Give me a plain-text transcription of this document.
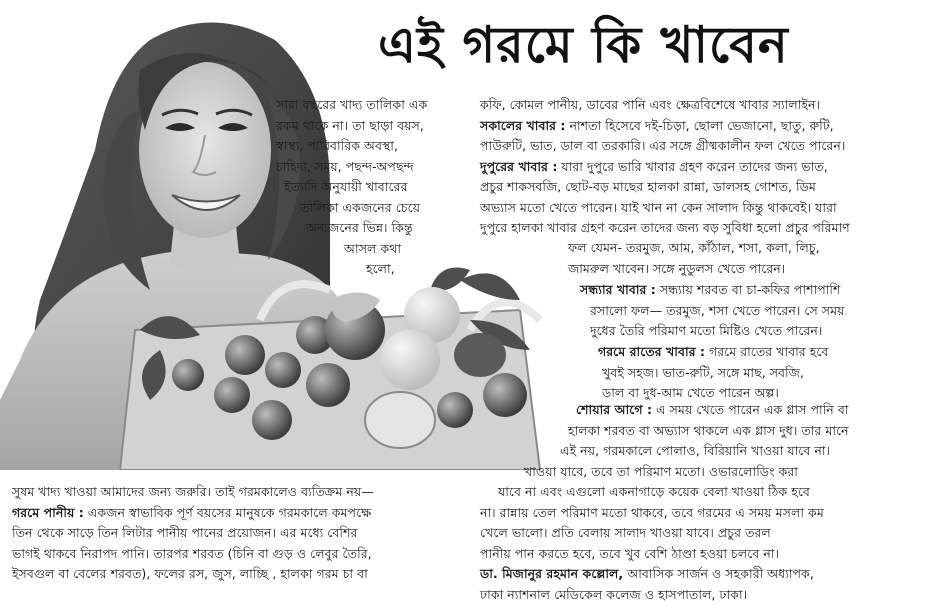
এই গরমে কি খাবেন
সারা বছরের খাদ্য তালিকা এক
রকম থাকে না। তা ছাড়া বয়স,
স্বাস্থ্য, পারিবারিক অবস্থা,
চাহিদা, সময়, পছন্দ-অপছন্দ
ইত্যাদি অনুযায়ী খাবারের
তালিকা একজনের চেয়ে
অন্যজনের ভিন্ন। কিন্তু
আসল কথা
হলো,
কফি, কোমল পানীয়, ডাবের পানি এবং ক্ষেত্রবিশেষে খাবার স্যালাইন।
সকালের খাবার : নাশতা হিসেবে দই-চিড়া, ছোলা ভেজানো, ছাতু, রুটি,
পাউরুটি, ভাত, ডাল বা তরকারি। এর সঙ্গে গ্রীষ্মকালীন ফল খেতে পারেন।
দুপুরের খাবার : যারা দুপুরে ভারি খাবার গ্রহণ করেন তাদের জন্য ভাত,
প্রচুর শাকসবজি, ছোট-বড় মাছের হালকা রান্না, ডালসহ গোশত, ডিম
অভ্যাস মতো খেতে পারেন। যাই খান না কেন সালাদ কিন্তু থাকবেই। যারা
দুপুরে হালকা খাবার গ্রহণ করেন তাদের জন্য বড় সুবিধা হলো প্রচুর পরিমাণ
ফল যেমন- তরমুজ, আম, কাঁঠাল, শসা, কলা, লিচু,
জামরুল খাবেন। সঙ্গে নুডুলস খেতে পারেন।
সন্ধ্যার খাবার : সন্ধ্যায় শরবত বা চা-কফির পাশাপাশি
রসালো ফল— তরমুজ, শসা খেতে পারেন। সে সময়
দুধের তৈরি পরিমাণ মতো মিষ্টিও খেতে পারেন।
গরমে রাতের খাবার : গরমে রাতের খাবার হবে
খুবই সহজ। ভাত-রুটি, সঙ্গে মাছ, সবজি,
ডাল বা দুধ-আম খেতে পারেন অল্প।
শোয়ার আগে : এ সময় খেতে পারেন এক গ্লাস পানি বা
হালকা শরবত বা অভ্যাস থাকলে এক গ্লাস দুধ। তার মানে
এই নয়, গরমকালে পোলাও, বিরিয়ানি খাওয়া যাবে না।
খাওয়া যাবে, তবে তা পরিমাণ মতো। ওভারলোডিং করা
যাবে না এবং এগুলো একনাগাড়ে কয়েক বেলা খাওয়া ঠিক হবে
না। রান্নায় তেল পরিমাণ মতো থাকবে, তবে গরমের এ সময় মসলা কম
খেলে ভালো। প্রতি বেলায় সালাদ খাওয়া যাবে। প্রচুর তরল
পানীয় পান করতে হবে, তবে খুব বেশি ঠাণ্ডা হওয়া চলবে না।
ডা. মিজানুর রহমান কল্লোল, আবাসিক সার্জন ও সহকারী অধ্যাপক,
ঢাকা ন্যাশনাল মেডিকেল কলেজ ও হাসপাতাল, ঢাকা।
সুষম খাদ্য খাওয়া আমাদের জন্য জরুরি। তাই গরমকালেও ব্যতিক্রম নয়—
গরমে পানীয় : একজন স্বাভাবিক পূর্ণ বয়সের মানুষকে গরমকালে কমপক্ষে
তিন থেকে সাড়ে তিন লিটার পানীয় পানের প্রয়োজন। এর মধ্যে বেশির
ভাগই থাকবে নিরাপদ পানি। তারপর শরবত (চিনি বা গুড় ও লেবুর তৈরি,
ইসবগুল বা বেলের শরবত), ফলের রস, জুস, লাচ্ছি , হালকা গরম চা বা
